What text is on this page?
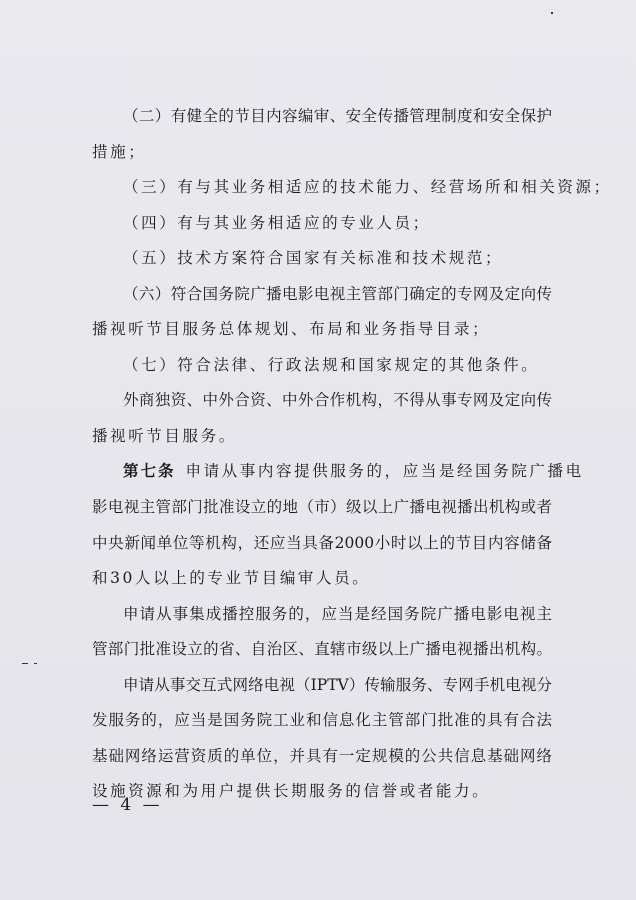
（二）有健全的节目内容编审、安全传播管理制度和安全保护
措施；
（三）有与其业务相适应的技术能力、经营场所和相关资源；
（四）有与其业务相适应的专业人员；
（五）技术方案符合国家有关标准和技术规范；
（六）符合国务院广播电影电视主管部门确定的专网及定向传
播视听节目服务总体规划、布局和业务指导目录；
（七）符合法律、行政法规和国家规定的其他条件。
外商独资、中外合资、中外合作机构，不得从事专网及定向传
播视听节目服务。
第七条 申请从事内容提供服务的，应当是经国务院广播电
影电视主管部门批准设立的地（市）级以上广播电视播出机构或者
中央新闻单位等机构，还应当具备2000小时以上的节目内容储备
和30人以上的专业节目编审人员。
申请从事集成播控服务的，应当是经国务院广播电影电视主
管部门批准设立的省、自治区、直辖市级以上广播电视播出机构。
申请从事交互式网络电视（IPTV）传输服务、专网手机电视分
发服务的，应当是国务院工业和信息化主管部门批准的具有合法
基础网络运营资质的单位，并具有一定规模的公共信息基础网络
设施资源和为用户提供长期服务的信誉或者能力。
— 4 —
